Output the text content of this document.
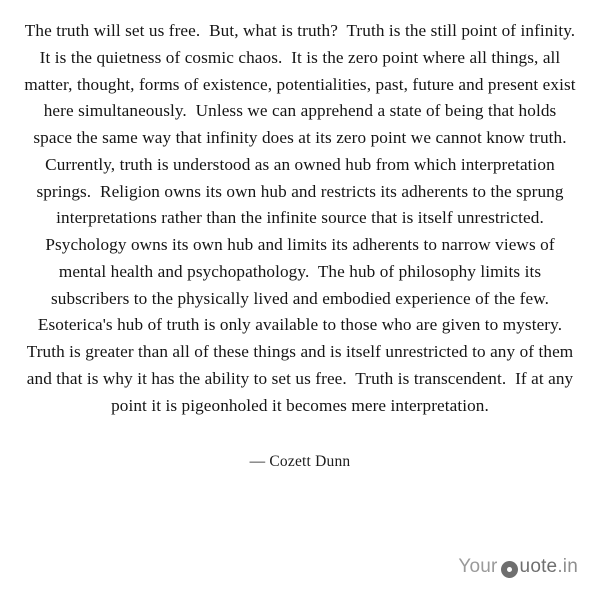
The truth will set us free.  But, what is truth?  Truth is the still point of infinity. It is the quietness of cosmic chaos.  It is the zero point where all things, all matter, thought, forms of existence, potentialities, past, future and present exist here simultaneously.  Unless we can apprehend a state of being that holds space the same way that infinity does at its zero point we cannot know truth.  Currently, truth is understood as an owned hub from which interpretation springs.  Religion owns its own hub and restricts its adherents to the sprung interpretations rather than the infinite source that is itself unrestricted.  Psychology owns its own hub and limits its adherents to narrow views of mental health and psychopathology.  The hub of philosophy limits its subscribers to the physically lived and embodied experience of the few.  Esoterica's hub of truth is only available to those who are given to mystery.  Truth is greater than all of these things and is itself unrestricted to any of them and that is why it has the ability to set us free.  Truth is transcendent.  If at any point it is pigeonholed it becomes mere interpretation.
— Cozett Dunn
Your uote .in
